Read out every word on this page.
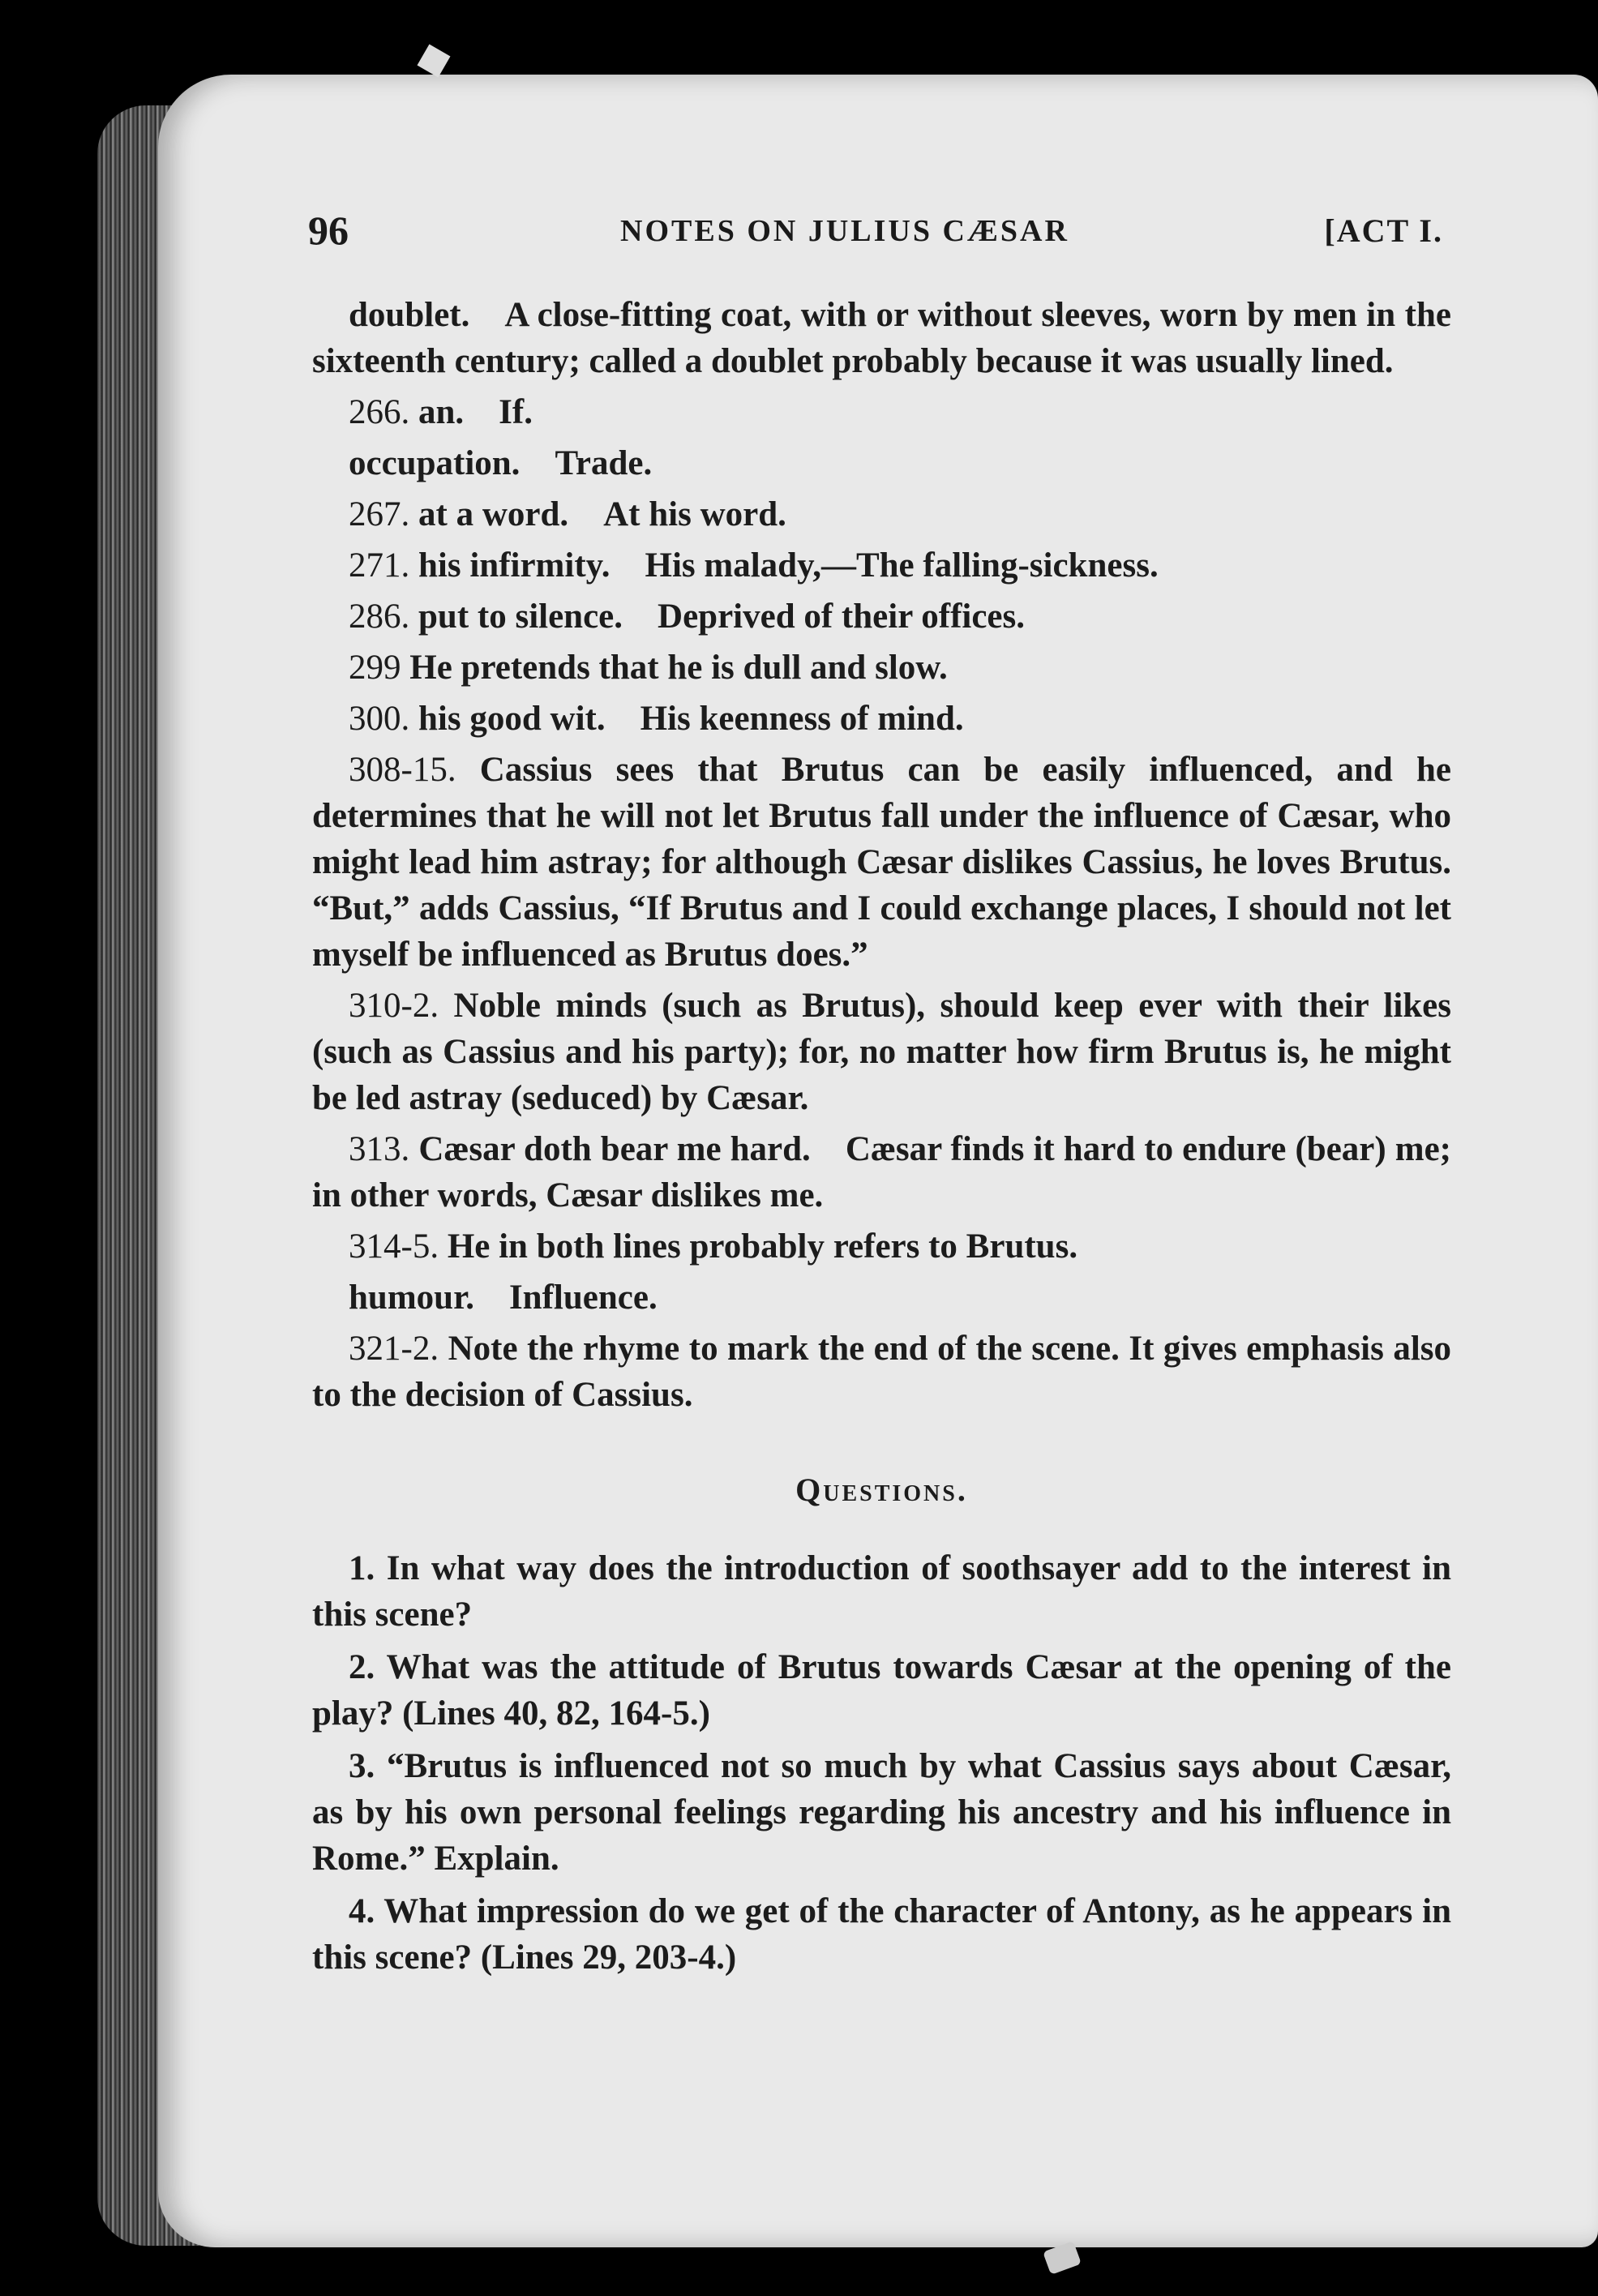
96	NOTES ON JULIUS CÆSAR	[ACT I.

doublet. A close-fitting coat, with or without sleeves, worn by men in the sixteenth century; called a doublet probably because it was usually lined.

266. an. If.

occupation. Trade.

267. at a word. At his word.

271. his infirmity. His malady,—The falling-sickness.

286. put to silence. Deprived of their offices.

299 He pretends that he is dull and slow.

300. his good wit. His keenness of mind.

308-15. Cassius sees that Brutus can be easily influenced, and he determines that he will not let Brutus fall under the influence of Cæsar, who might lead him astray; for although Cæsar dislikes Cassius, he loves Brutus. “But,” adds Cassius, “If Brutus and I could exchange places, I should not let myself be influenced as Brutus does.”

310-2. Noble minds (such as Brutus), should keep ever with their likes (such as Cassius and his party); for, no matter how firm Brutus is, he might be led astray (seduced) by Cæsar.

313. Cæsar doth bear me hard. Cæsar finds it hard to endure (bear) me; in other words, Cæsar dislikes me.

314-5. He in both lines probably refers to Brutus.

humour. Influence.

321-2. Note the rhyme to mark the end of the scene. It gives emphasis also to the decision of Cassius.

Questions.

1. In what way does the introduction of soothsayer add to the interest in this scene?

2. What was the attitude of Brutus towards Cæsar at the opening of the play? (Lines 40, 82, 164-5.)

3. “Brutus is influenced not so much by what Cassius says about Cæsar, as by his own personal feelings regarding his ancestry and his influence in Rome.” Explain.

4. What impression do we get of the character of Antony, as he appears in this scene? (Lines 29, 203-4.)
